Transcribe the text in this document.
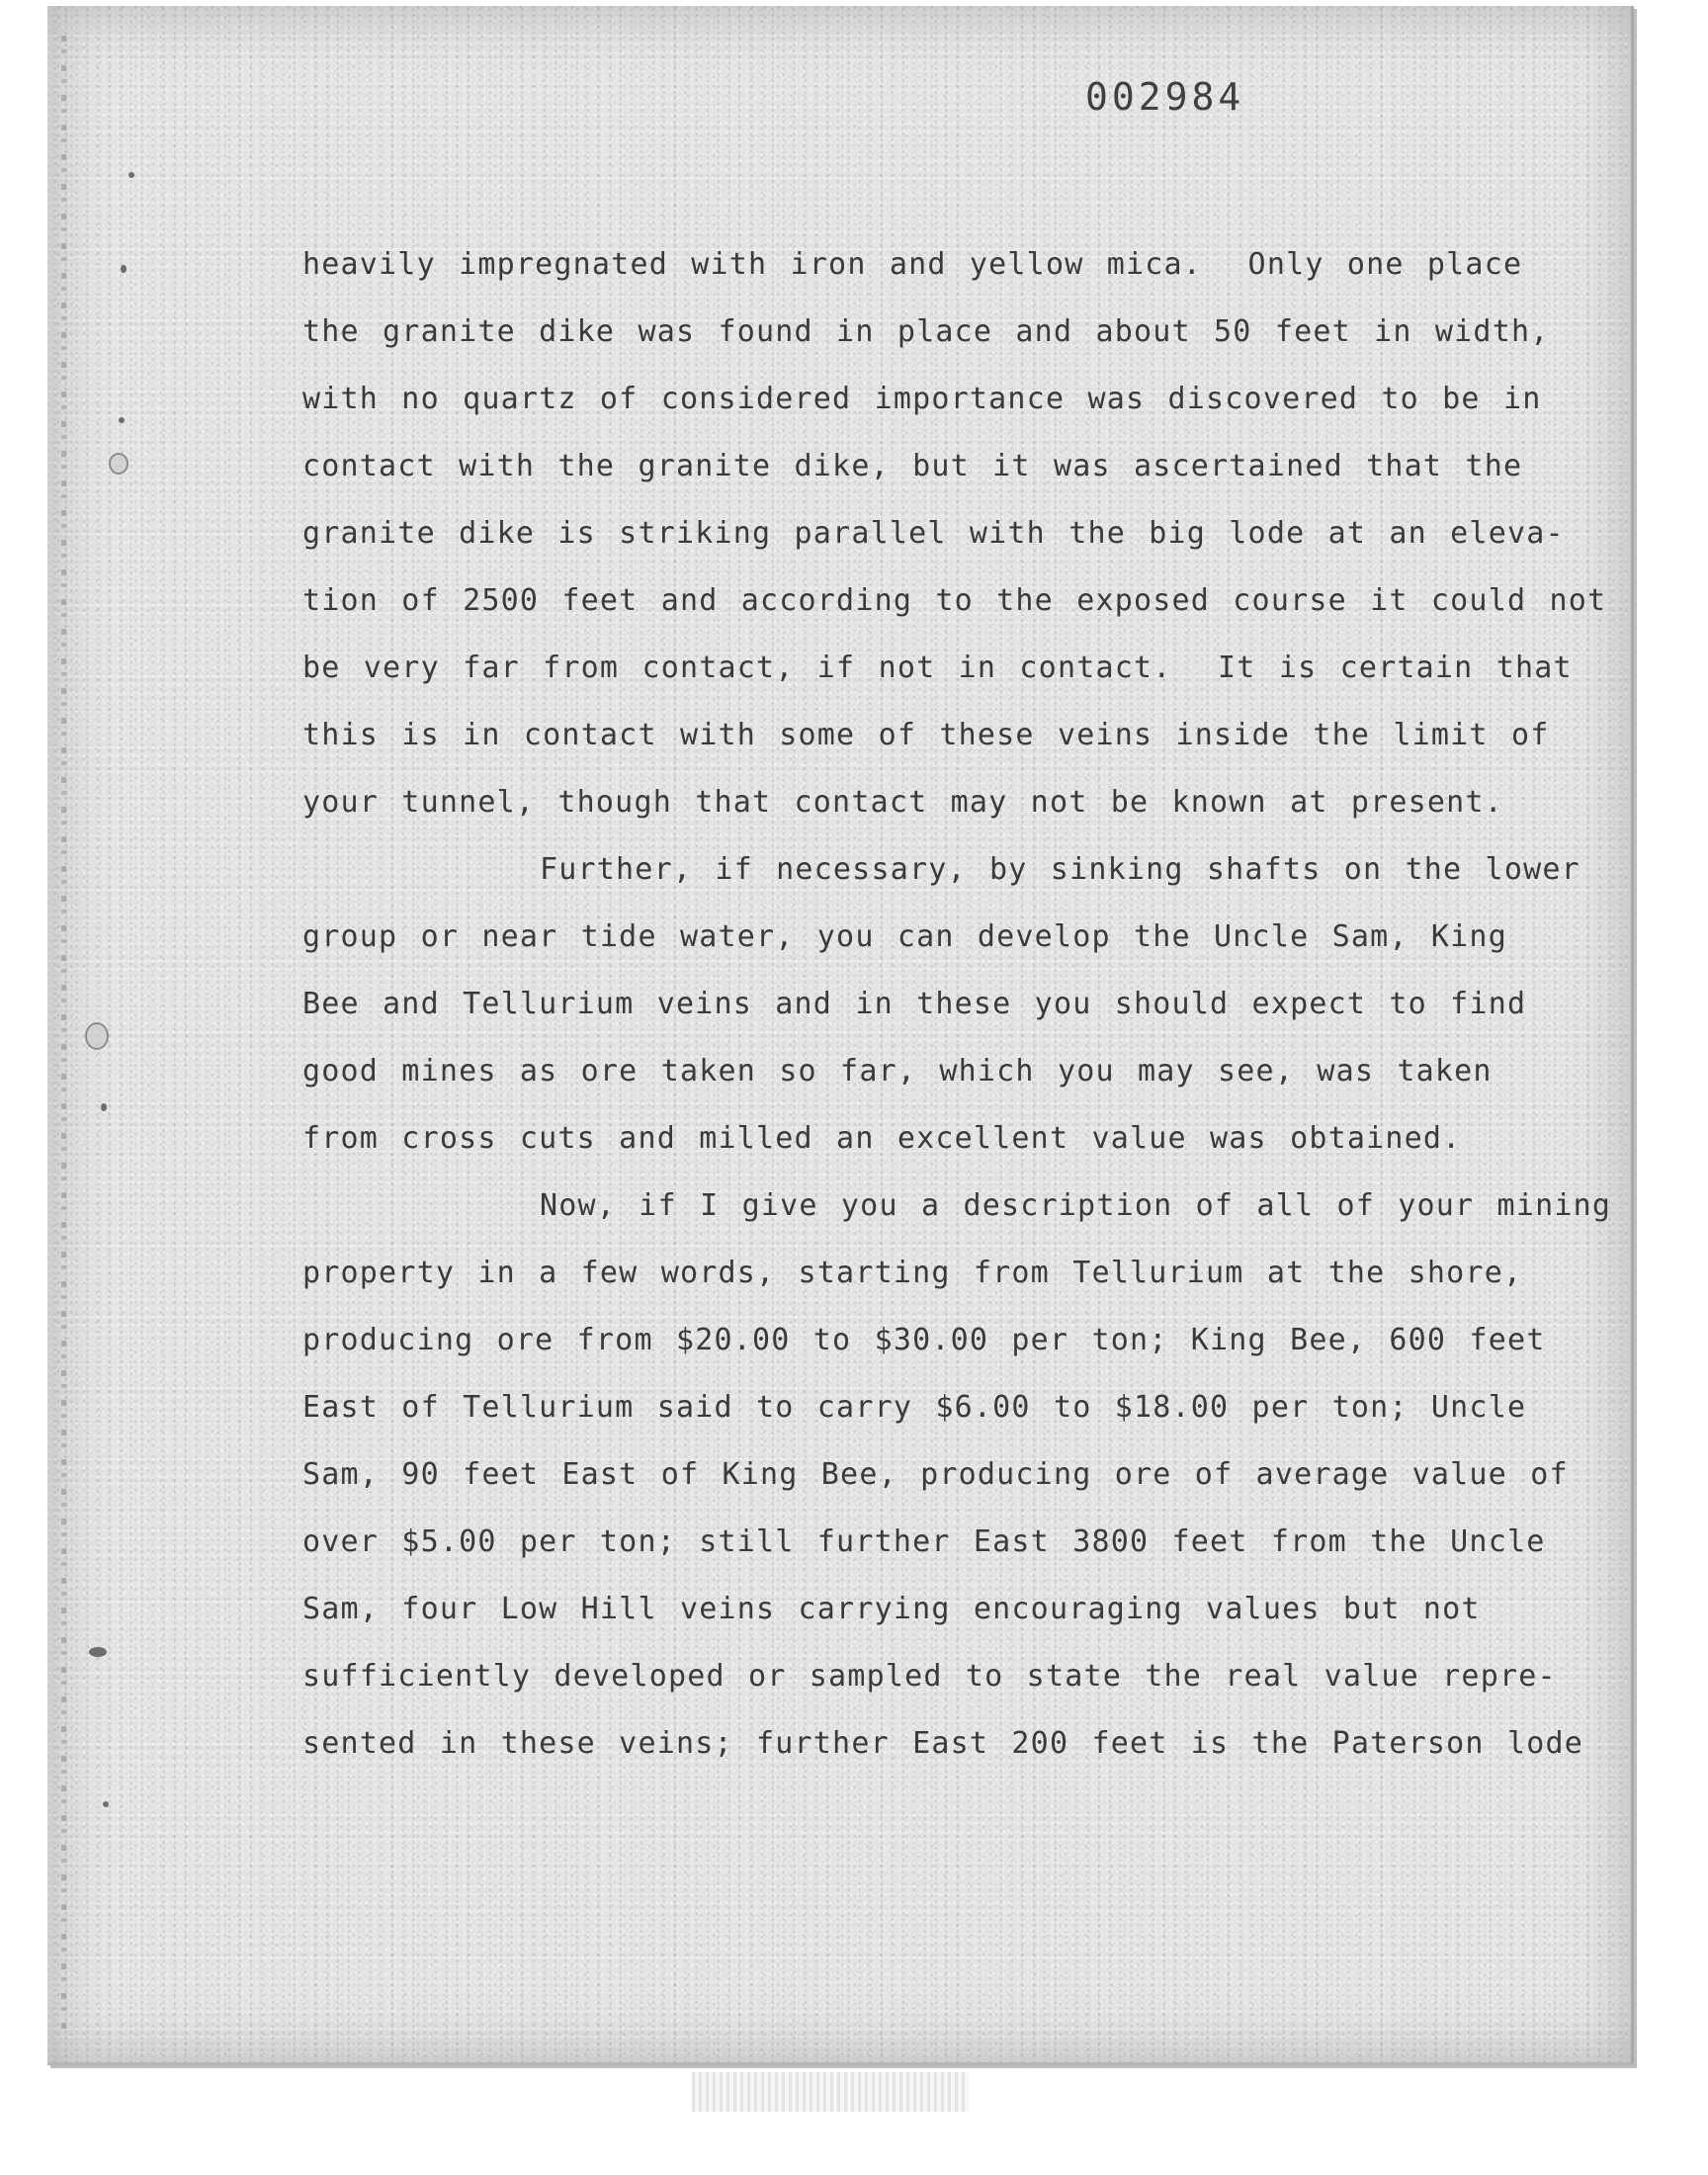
002984
heavily impregnated with iron and yellow mica.  Only one place
the granite dike was found in place and about 50 feet in width,
with no quartz of considered importance was discovered to be in
contact with the granite dike, but it was ascertained that the
granite dike is striking parallel with the big lode at an eleva-
tion of 2500 feet and according to the exposed course it could not
be very far from contact, if not in contact.  It is certain that
this is in contact with some of these veins inside the limit of
your tunnel, though that contact may not be known at present.
Further, if necessary, by sinking shafts on the lower
group or near tide water, you can develop the Uncle Sam, King
Bee and Tellurium veins and in these you should expect to find
good mines as ore taken so far, which you may see, was taken
from cross cuts and milled an excellent value was obtained.
Now, if I give you a description of all of your mining
property in a few words, starting from Tellurium at the shore,
producing ore from $20.00 to $30.00 per ton; King Bee, 600 feet
East of Tellurium said to carry $6.00 to $18.00 per ton; Uncle
Sam, 90 feet East of King Bee, producing ore of average value of
over $5.00 per ton; still further East 3800 feet from the Uncle
Sam, four Low Hill veins carrying encouraging values but not
sufficiently developed or sampled to state the real value repre-
sented in these veins; further East 200 feet is the Paterson lode
